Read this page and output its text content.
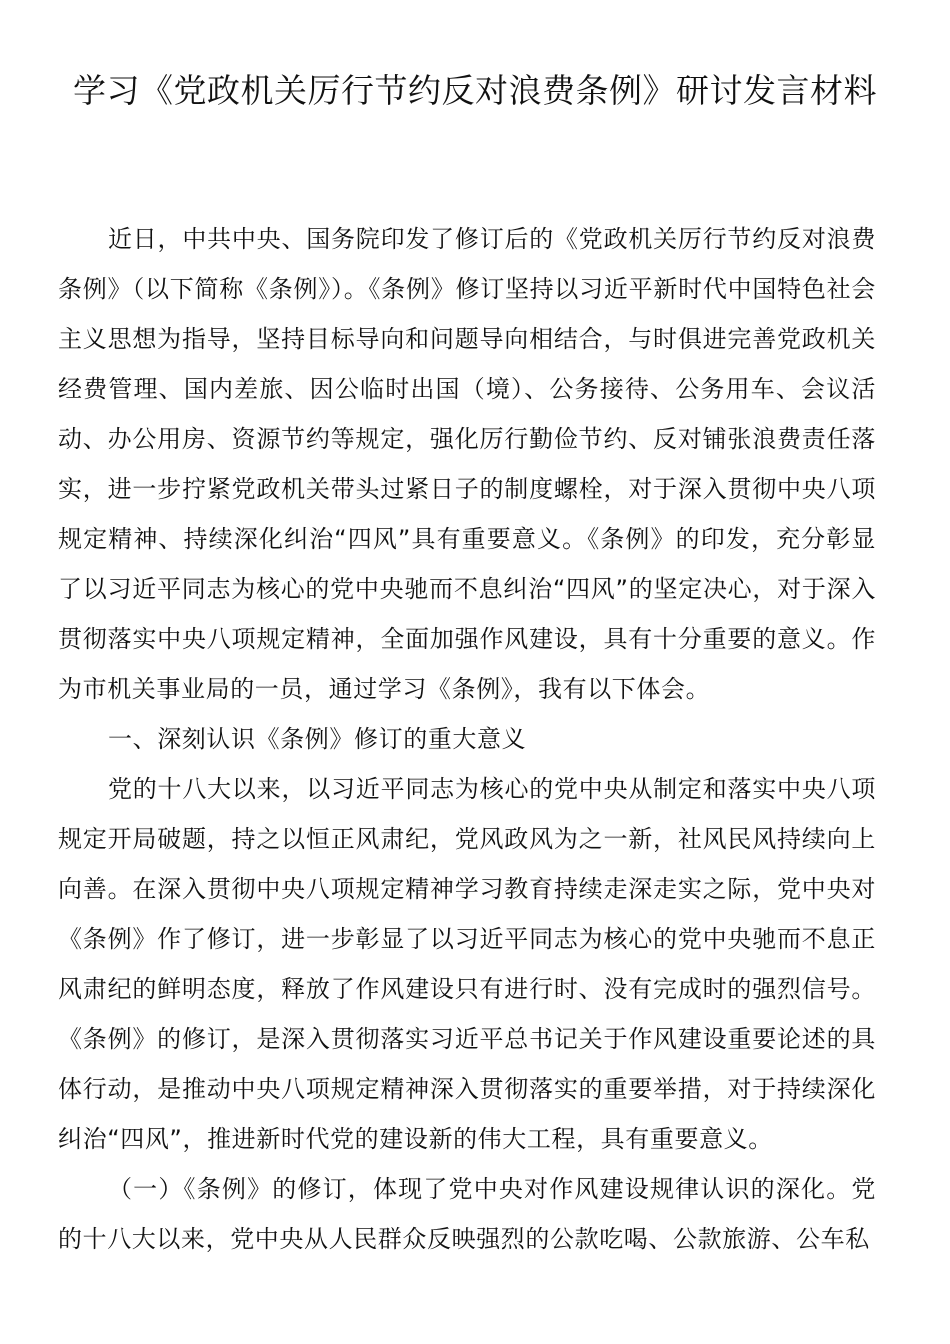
学习《党政机关厉行节约反对浪费条例》研讨发言材料

近日，中共中央、国务院印发了修订后的《党政机关厉行节约反对浪费条例》（以下简称《条例》）。《条例》修订坚持以习近平新时代中国特色社会主义思想为指导，坚持目标导向和问题导向相结合，与时俱进完善党政机关经费管理、国内差旅、因公临时出国（境）、公务接待、公务用车、会议活动、办公用房、资源节约等规定，强化厉行勤俭节约、反对铺张浪费责任落实，进一步拧紧党政机关带头过紧日子的制度螺栓，对于深入贯彻中央八项规定精神、持续深化纠治“四风”具有重要意义。《条例》的印发，充分彰显了以习近平同志为核心的党中央驰而不息纠治“四风”的坚定决心，对于深入贯彻落实中央八项规定精神，全面加强作风建设，具有十分重要的意义。作为市机关事业局的一员，通过学习《条例》，我有以下体会。

一、深刻认识《条例》修订的重大意义

党的十八大以来，以习近平同志为核心的党中央从制定和落实中央八项规定开局破题，持之以恒正风肃纪，党风政风为之一新，社风民风持续向上向善。在深入贯彻中央八项规定精神学习教育持续走深走实之际，党中央对《条例》作了修订，进一步彰显了以习近平同志为核心的党中央驰而不息正风肃纪的鲜明态度，释放了作风建设只有进行时、没有完成时的强烈信号。《条例》的修订，是深入贯彻落实习近平总书记关于作风建设重要论述的具体行动，是推动中央八项规定精神深入贯彻落实的重要举措，对于持续深化纠治“四风”，推进新时代党的建设新的伟大工程，具有重要意义。

（一）《条例》的修订，体现了党中央对作风建设规律认识的深化。党的十八大以来，党中央从人民群众反映强烈的公款吃喝、公款旅游、公车私
